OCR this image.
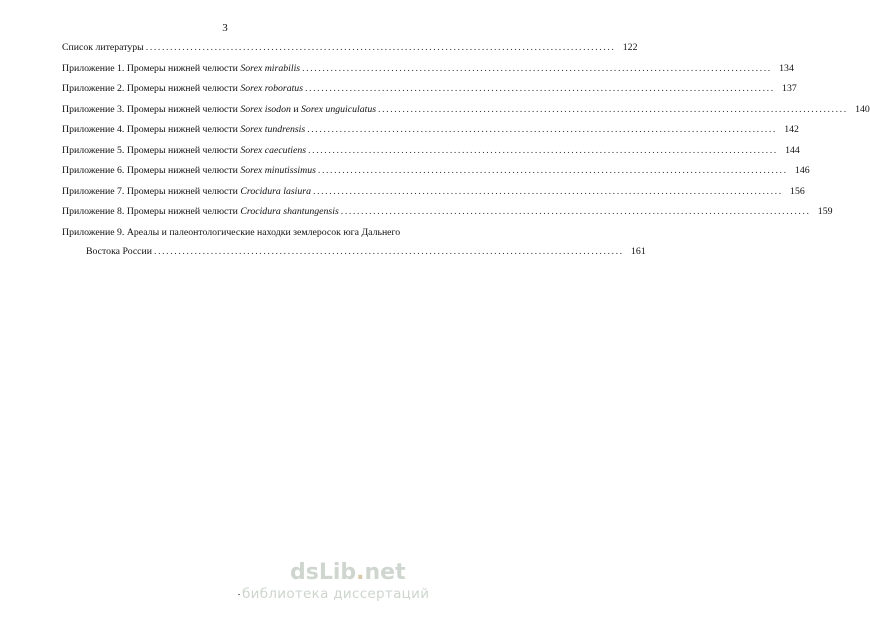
3
Список литературы .................................................................................................................... 122
Приложение 1. Промеры нижней челюсти Sorex mirabilis .................................................................................................................... 134
Приложение 2. Промеры нижней челюсти Sorex roboratus .................................................................................................................... 137
Приложение 3. Промеры нижней челюсти Sorex isodon и Sorex unguiculatus .................................................................................................................... 140
Приложение 4. Промеры нижней челюсти Sorex tundrensis .................................................................................................................... 142
Приложение 5. Промеры нижней челюсти Sorex caecutiens .................................................................................................................... 144
Приложение 6. Промеры нижней челюсти Sorex minutissimus .................................................................................................................... 146
Приложение 7. Промеры нижней челюсти Crocidura lasiura .................................................................................................................... 156
Приложение 8. Промеры нижней челюсти Crocidura shantungensis .................................................................................................................... 159
Приложение 9. Ареалы и палеонтологические находки землеросок юга Дальнего
Востока России .................................................................................................................... 161
dsLib.net
библиотека диссертаций
